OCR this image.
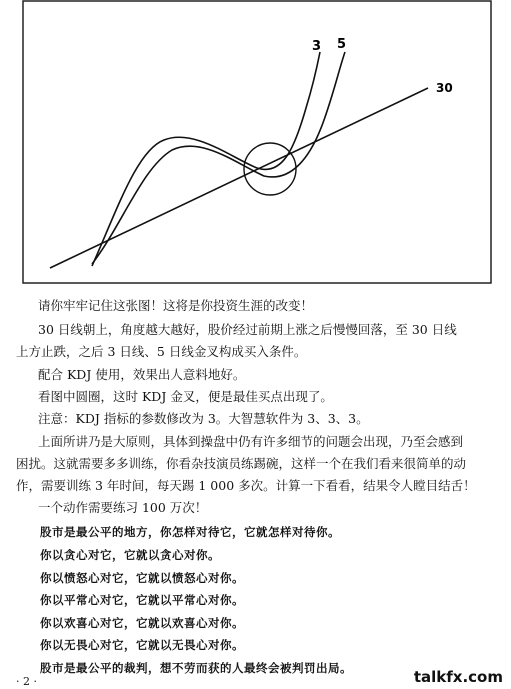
3 5
30
请你牢牢记住这张图！这将是你投资生涯的改变！
30 日线朝上，角度越大越好，股价经过前期上涨之后慢慢回落，至 30 日线
上方止跌，之后 3 日线、5 日线金叉构成买入条件。
配合 KDJ 使用，效果出人意料地好。
看图中圆圈，这时 KDJ 金叉，便是最佳买点出现了。
注意：KDJ 指标的参数修改为 3。大智慧软件为 3、3、3。
上面所讲乃是大原则，具体到操盘中仍有许多细节的问题会出现，乃至会感到
困扰。这就需要多多训练，你看杂技演员练踢碗，这样一个在我们看来很简单的动
作，需要训练 3 年时间，每天踢 1 000 多次。计算一下看看，结果令人瞠目结舌！
一个动作需要练习 100 万次！
股市是最公平的地方，你怎样对待它，它就怎样对待你。
你以贪心对它，它就以贪心对你。
你以愤怒心对它，它就以愤怒心对你。
你以平常心对它，它就以平常心对你。
你以欢喜心对它，它就以欢喜心对你。
你以无畏心对它，它就以无畏心对你。
股市是最公平的裁判，想不劳而获的人最终会被判罚出局。
· 2 ·	talkfx.com
